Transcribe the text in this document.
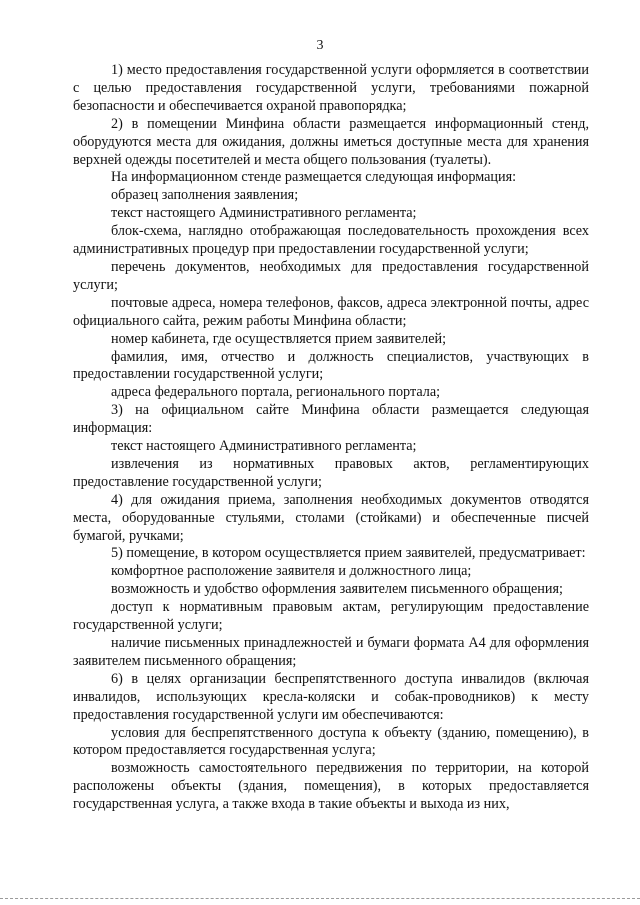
3

1) место предоставления государственной услуги оформляется в соответствии с целью предоставления государственной услуги, требованиями пожарной безопасности и обеспечивается охраной правопорядка;

2) в помещении Минфина области размещается информационный стенд, оборудуются места для ожидания, должны иметься доступные места для хранения верхней одежды посетителей и места общего пользования (туалеты).

На информационном стенде размещается следующая информация:

образец заполнения заявления;

текст настоящего Административного регламента;

блок-схема, наглядно отображающая последовательность прохождения всех административных процедур при предоставлении государственной услуги;

перечень документов, необходимых для предоставления государственной услуги;

почтовые адреса, номера телефонов, факсов, адреса электронной почты, адрес официального сайта, режим работы Минфина области;

номер кабинета, где осуществляется прием заявителей;

фамилия, имя, отчество и должность специалистов, участвующих в предоставлении государственной услуги;

адреса федерального портала, регионального портала;

3) на официальном сайте Минфина области размещается следующая информация:

текст настоящего Административного регламента;

извлечения из нормативных правовых актов, регламентирующих предоставление государственной услуги;

4) для ожидания приема, заполнения необходимых документов отводятся места, оборудованные стульями, столами (стойками) и обеспеченные писчей бумагой, ручками;

5) помещение, в котором осуществляется прием заявителей, предусматривает:

комфортное расположение заявителя и должностного лица;

возможность и удобство оформления заявителем письменного обращения;

доступ к нормативным правовым актам, регулирующим предоставление государственной услуги;

наличие письменных принадлежностей и бумаги формата А4 для оформления заявителем письменного обращения;

6) в целях организации беспрепятственного доступа инвалидов (включая инвалидов, использующих кресла-коляски и собак-проводников) к месту предоставления государственной услуги им обеспечиваются:

условия для беспрепятственного доступа к объекту (зданию, помещению), в котором предоставляется государственная услуга;

возможность самостоятельного передвижения по территории, на которой расположены объекты (здания, помещения), в которых предоставляется государственная услуга, а также входа в такие объекты и выхода из них,
